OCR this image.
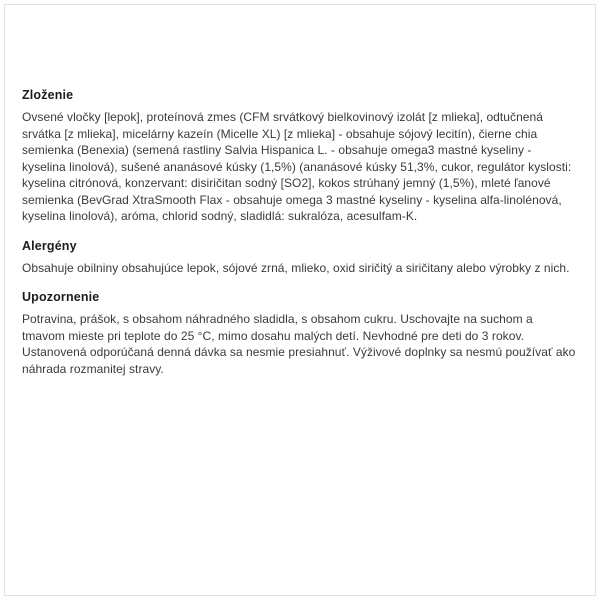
Zloženie
Ovsené vločky [lepok], proteínová zmes (CFM srvátkový bielkovinový izolát [z mlieka], odtučnená srvátka [z mlieka], micelárny kazeín (Micelle XL) [z mlieka] - obsahuje sójový lecitín), čierne chia semienka (Benexia) (semená rastliny Salvia Hispanica L. - obsahuje omega3 mastné kyseliny - kyselina linolová), sušené ananásové kúsky (1,5%) (ananásové kúsky 51,3%, cukor, regulátor kyslosti: kyselina citrónová, konzervant: disiričitan sodný [SO2], kokos strúhaný jemný (1,5%), mleté ľanové semienka (BevGrad XtraSmooth Flax - obsahuje omega 3 mastné kyseliny - kyselina alfa-linolénová, kyselina linolová), aróma, chlorid sodný, sladidlá: sukralóza, acesulfam-K.
Alergény
Obsahuje obilniny obsahujúce lepok, sójové zrná, mlieko, oxid siričitý a siričitany alebo výrobky z nich.
Upozornenie
Potravina, prášok, s obsahom náhradného sladidla, s obsahom cukru. Uschovajte na suchom a tmavom mieste pri teplote do 25 °C, mimo dosahu malých detí. Nevhodné pre deti do 3 rokov. Ustanovená odporúčaná denná dávka sa nesmie presiahnuť. Výživové doplnky sa nesmú používať ako náhrada rozmanitej stravy.
